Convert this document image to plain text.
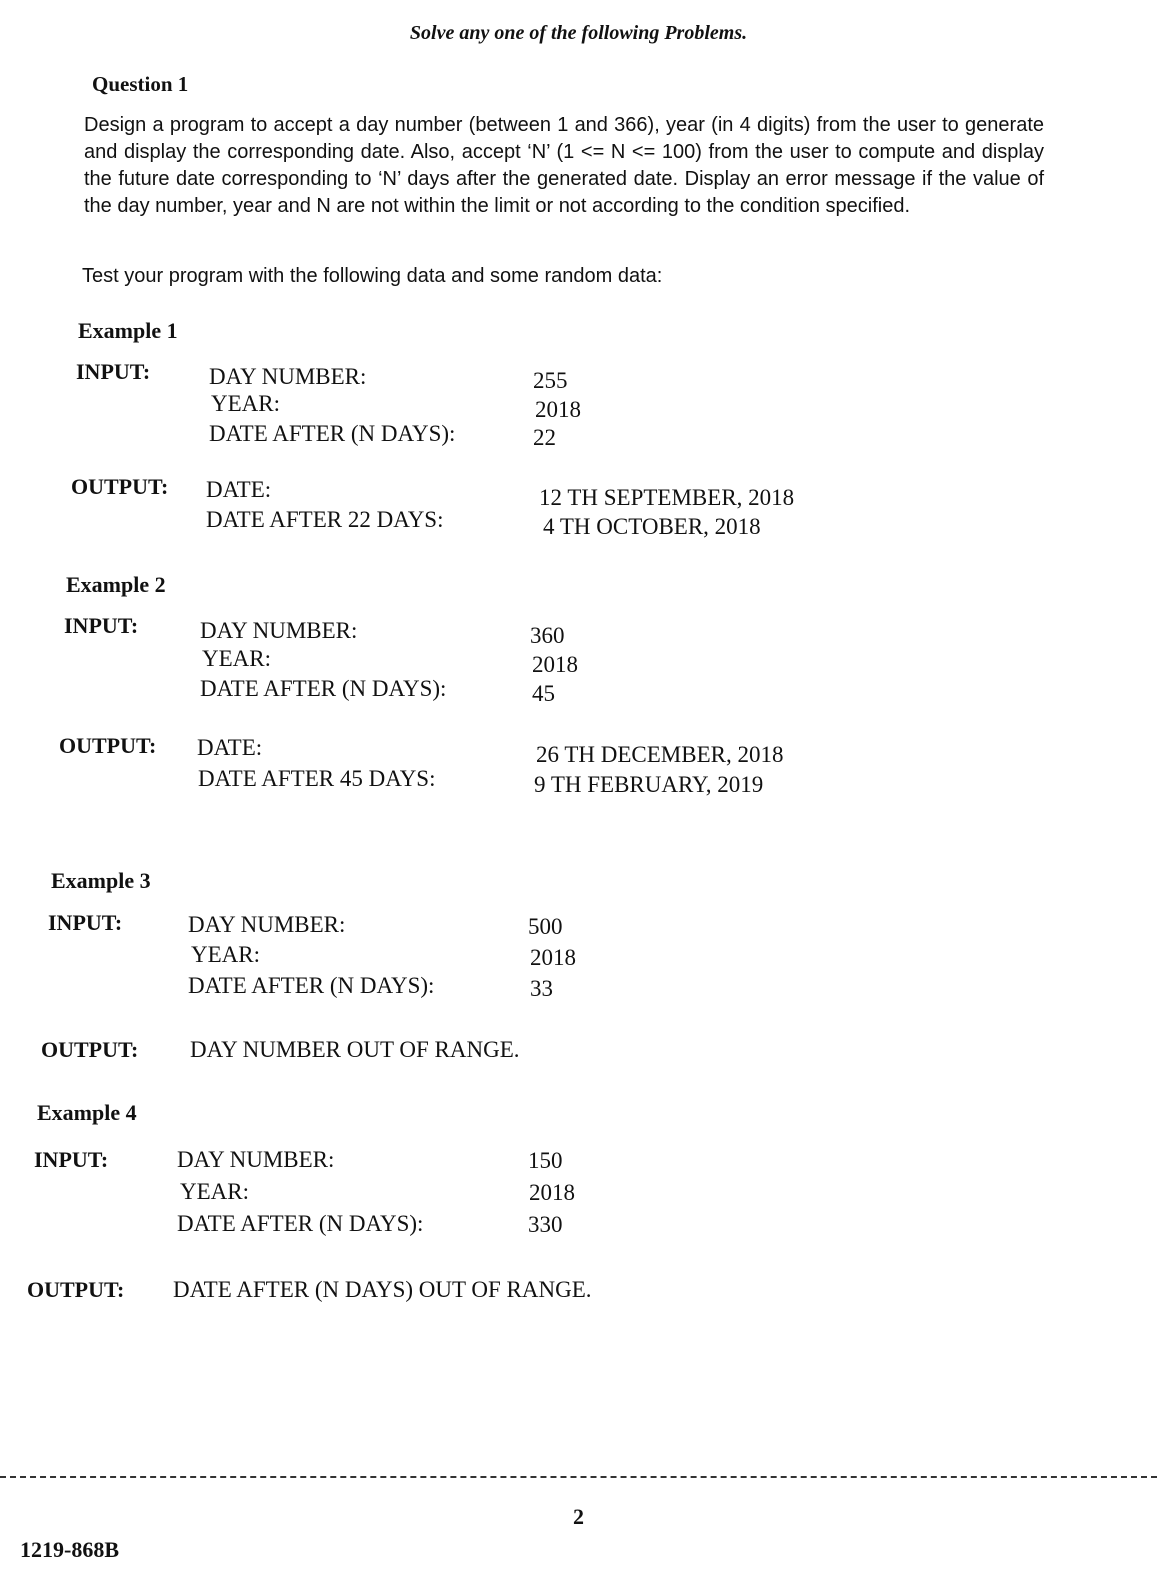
Solve any one of the following Problems.
Question 1

Design a program to accept a day number (between 1 and 366), year (in 4 digits) from the user to generate and display the corresponding date. Also, accept ‘N’ (1 <= N <= 100) from the user to compute and display the future date corresponding to ‘N’ days after the generated date. Display an error message if the value of the day number, year and N are not within the limit or not according to the condition specified.

Test your program with the following data and some random data:
Example 1
INPUT:	DAY NUMBER:	255
YEAR:	2018
DATE AFTER (N DAYS):	22
OUTPUT: DATE:	12 TH SEPTEMBER, 2018
DATE AFTER 22 DAYS:	4 TH OCTOBER, 2018
Example 2
INPUT:	DAY NUMBER:	360
YEAR:	2018
DATE AFTER (N DAYS):	45
OUTPUT: DATE:	26 TH DECEMBER, 2018
DATE AFTER 45 DAYS:	9 TH FEBRUARY, 2019
Example 3
INPUT:	DAY NUMBER:	500
YEAR:	2018
DATE AFTER (N DAYS):	33
OUTPUT: DAY NUMBER OUT OF RANGE.
Example 4
INPUT:	DAY NUMBER:	150
YEAR:	2018
DATE AFTER (N DAYS):	330
OUTPUT: DATE AFTER (N DAYS) OUT OF RANGE.
2
1219-868B
